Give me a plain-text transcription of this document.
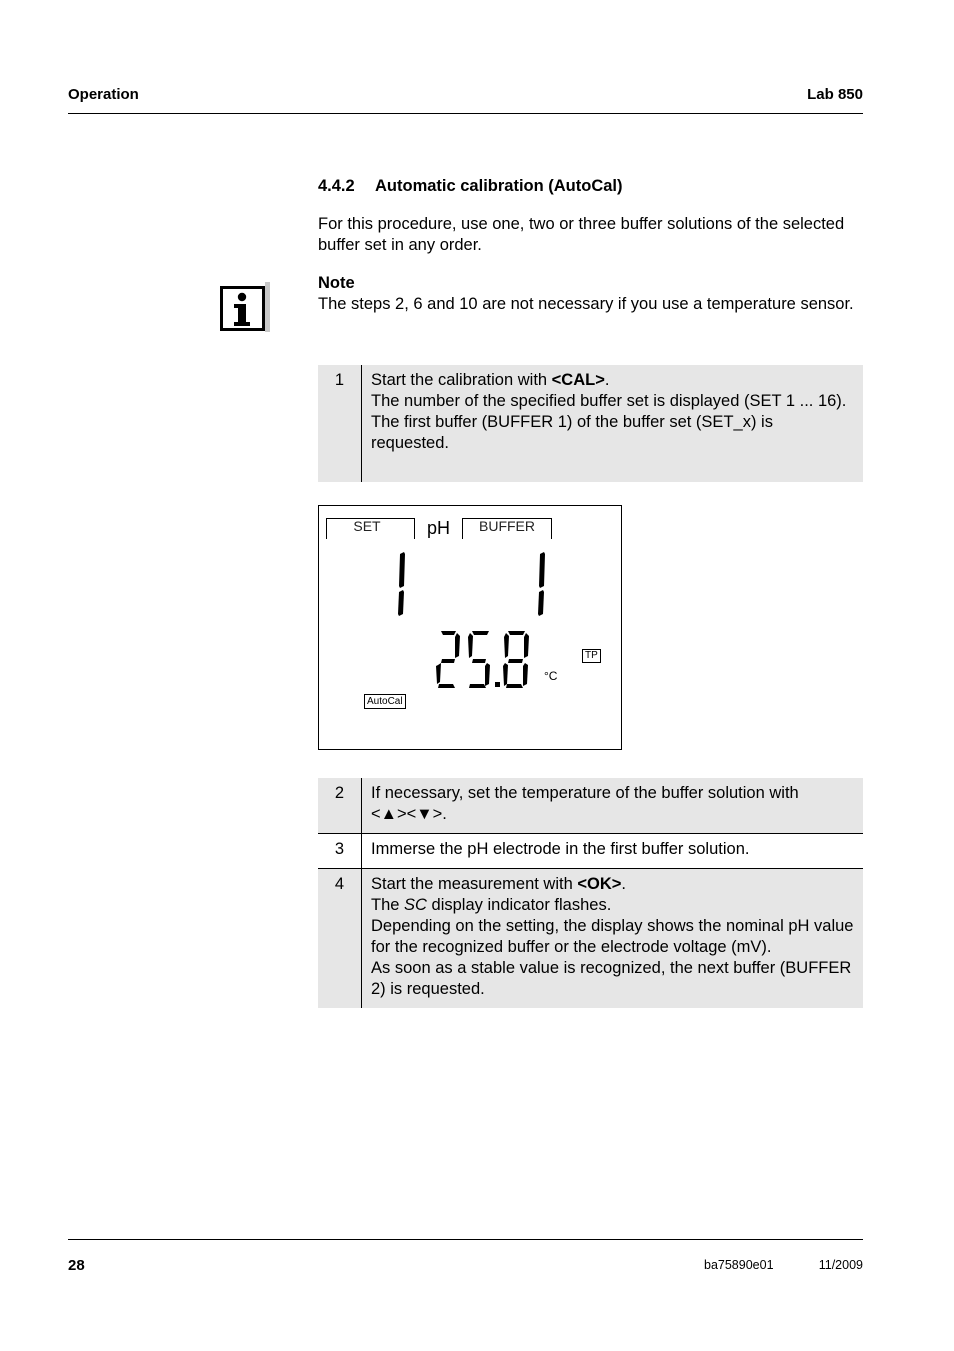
Operation	Lab 850
4.4.2 Automatic calibration (AutoCal)
For this procedure, use one, two or three buffer solutions of the selected buffer set in any order.
Note
The steps 2, 6 and 10 are not necessary if you use a temperature sensor.
1	Start the calibration with <CAL>.
The number of the specified buffer set is displayed (SET 1 ... 16).
The first buffer (BUFFER 1) of the buffer set (SET_x) is requested.
SET	pH	BUFFER
°C
TP
AutoCal
2	If necessary, set the temperature of the buffer solution with
<▲><▼>.
3	Immerse the pH electrode in the first buffer solution.
4	Start the measurement with <OK>.
The SC display indicator flashes.
Depending on the setting, the display shows the nominal pH value for the recognized buffer or the electrode voltage (mV).
As soon as a stable value is recognized, the next buffer (BUFFER 2) is requested.
28	ba75890e01	11/2009
